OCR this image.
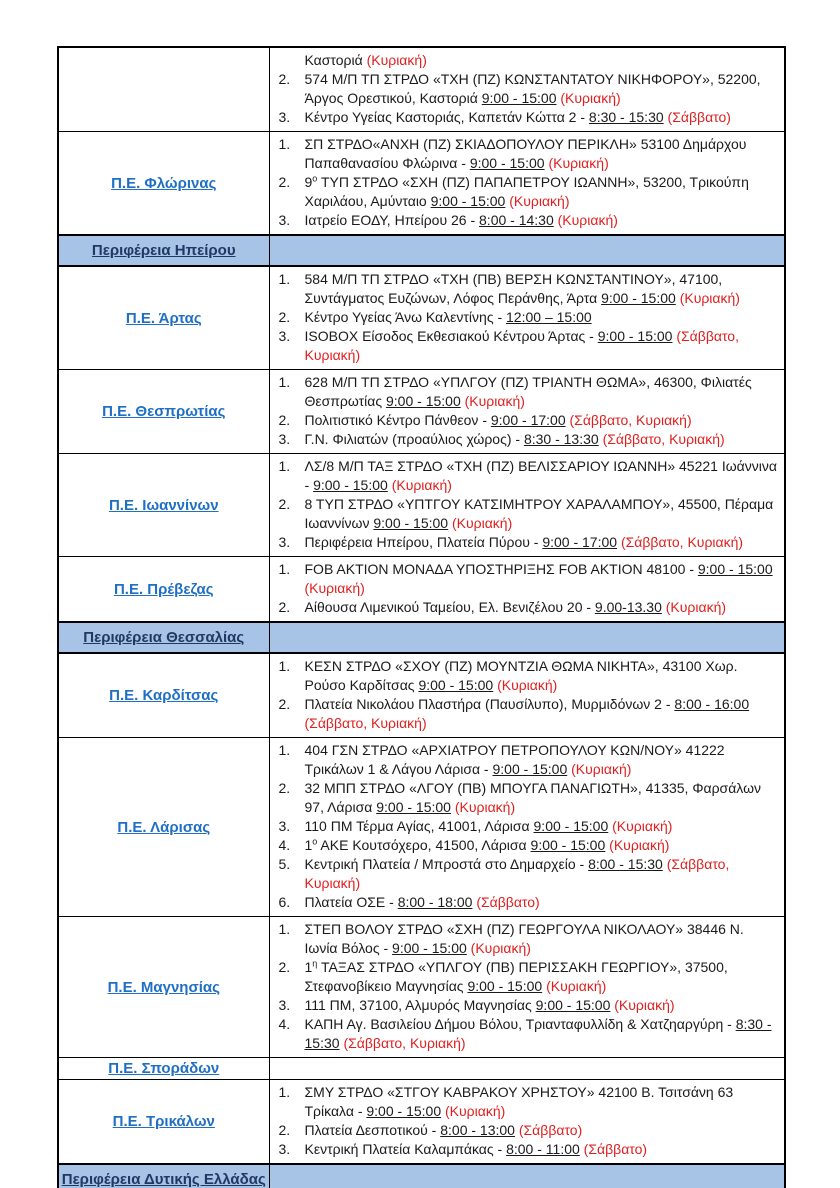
	Καστοριά (Κυριακή)
2. 574 Μ/Π ΤΠ ΣΤΡΔΟ «ΤΧΗ (ΠΖ) ΚΩΝΣΤΑΝΤΑΤΟΥ ΝΙΚΗΦΟΡΟΥ», 52200, Άργος Ορεστικού, Καστοριά 9:00 - 15:00 (Κυριακή)
3. Κέντρο Υγείας Καστοριάς, Καπετάν Κώττα 2 - 8:30 - 15:30 (Σάββατο)

Π.Ε. Φλώρινας	
1.	ΣΠ ΣΤΡΔΟ«ΑΝΧΗ (ΠΖ) ΣΚΙΑΔΟΠΟΥΛΟΥ ΠΕΡΙΚΛΗ» 53100 Δημάρχου Παπαθανασίου Φλώρινα - 9:00 - 15:00 (Κυριακή)
2.	$9^o$ ΤΥΠ ΣΤΡΔΟ «ΣΧΗ (ΠΖ) ΠΑΠΑΠΕΤΡΟΥ ΙΩΑΝΝΗ», 53200, Τρικούπη Χαριλάου, Αμύνταιο 9:00 - 15:00 (Κυριακή)
3.	Ιατρείο ΕΟΔΥ, Ηπείρου 26 - 8:00 - 14:30 (Κυριακή)

Περιφέρεια Ηπείρου	
Π.Ε. Άρτας	
1.	584 Μ/Π ΤΠ ΣΤΡΔΟ «ΤΧΗ (ΠΒ) ΒΕΡΣΗ ΚΩΝΣΤΑΝΤΙΝΟΥ», 47100, Συντάγματος Ευζώνων, Λόφος Περάνθης, Άρτα 9:00 - 15:00 (Κυριακή)
2.	Κέντρο Υγείας Άνω Καλεντίνης - 12:00 – 15:00
3.	ISOBOX Είσοδος Εκθεσιακού Κέντρου Άρτας - 9:00 - 15:00 (Σάββατο, Κυριακή)

Π.Ε. Θεσπρωτίας	
1.	628 Μ/Π ΤΠ ΣΤΡΔΟ «ΥΠΛΓΟΥ (ΠΖ) ΤΡΙΑΝΤΗ ΘΩΜΑ», 46300, Φιλιατές Θεσπρωτίας 9:00 - 15:00 (Κυριακή)
2.	Πολιτιστικό Κέντρο Πάνθεον - 9:00 - 17:00 (Σάββατο, Κυριακή)
3.	Γ.Ν. Φιλιατών (προαύλιος χώρος) - 8:30 - 13:30 (Σάββατο, Κυριακή)

Π.Ε. Ιωαννίνων	
1.	ΛΣ/8 Μ/Π ΤΑΞ ΣΤΡΔΟ «ΤΧΗ (ΠΖ) ΒΕΛΙΣΣΑΡΙΟΥ ΙΩΑΝΝΗ» 45221 Ιωάννινα - 9:00 - 15:00 (Κυριακή)
2.	8 ΤΥΠ ΣΤΡΔΟ «ΥΠΤΓΟΥ ΚΑΤΣΙΜΗΤΡΟΥ ΧΑΡΑΛΑΜΠΟΥ», 45500, Πέραμα Ιωαννίνων 9:00 - 15:00 (Κυριακή)
3.	Περιφέρεια Ηπείρου, Πλατεία Πύρου - 9:00 - 17:00 (Σάββατο, Κυριακή)

Π.Ε. Πρέβεζας	1. FOB AKTION ΜΟΝΑΔΑ ΥΠΟΣΤΗΡΙΞΗΣ FOB AKTION 48100 - 9:00 - 15:00 (Κυριακή)
2. Αίθουσα Λιμενικού Ταμείου, Ελ. Βενιζέλου 20 - 9.00-13.30 (Κυριακή)

Περιφέρεια Θεσσαλίας	
Π.Ε. Καρδίτσας	1. ΚΕΣΝ ΣΤΡΔΟ «ΣΧΟΥ (ΠΖ) ΜΟΥΝΤΖΙΑ ΘΩΜΑ ΝΙΚΗΤΑ», 43100 Χωρ. Ρούσο Καρδίτσας 9:00 - 15:00 (Κυριακή)
2. Πλατεία Νικολάου Πλαστήρα (Παυσίλυπο), Μυρμιδόνων 2 - 8:00 - 16:00 (Σάββατο, Κυριακή)

Π.Ε. Λάρισας	
1.	404 ΓΣΝ ΣΤΡΔΟ «ΑΡΧΙΑΤΡΟΥ ΠΕΤΡΟΠΟΥΛΟΥ ΚΩΝ/ΝΟΥ» 41222 Τρικάλων 1 & Λάγου Λάρισα - 9:00 - 15:00 (Κυριακή)
2.	32 ΜΠΠ ΣΤΡΔΟ «ΛΓΟΥ (ΠΒ) ΜΠΟΥΓΑ ΠΑΝΑΓΙΩΤΗ», 41335, Φαρσάλων 97, Λάρισα 9:00 - 15:00 (Κυριακή)
3.	110 ΠΜ Τέρμα Αγίας, 41001, Λάρισα 9:00 - 15:00 (Κυριακή)
4.	$1^o$ ΑΚΕ Κουτσόχερο, 41500, Λάρισα 9:00 - 15:00 (Κυριακή)
5.	Κεντρική Πλατεία / Μπροστά στο Δημαρχείο - 8:00 - 15:30 (Σάββατο, Κυριακή)
6.	Πλατεία ΟΣΕ - 8:00 - 18:00 (Σάββατο)

Π.Ε. Μαγνησίας	
1.	ΣΤΕΠ ΒΟΛΟΥ ΣΤΡΔΟ «ΣΧΗ (ΠΖ) ΓΕΩΡΓΟΥΛΑ ΝΙΚΟΛΑΟΥ» 38446 Ν. Ιωνία Βόλος - 9:00 - 15:00 (Κυριακή)
2.	$1^\eta$ ΤΑΞΑΣ ΣΤΡΔΟ «ΥΠΛΓΟΥ (ΠΒ) ΠΕΡΙΣΣΑΚΗ ΓΕΩΡΓΙΟΥ», 37500, Στεφανοβίκειο Μαγνησίας 9:00 - 15:00 (Κυριακή)
3.	111 ΠΜ, 37100, Αλμυρός Μαγνησίας 9:00 - 15:00 (Κυριακή)
4.	ΚΑΠΗ Αγ. Βασιλείου Δήμου Βόλου, Τριανταφυλλίδη & Χατζηαργύρη - 8:30 - 15:30 (Σάββατο, Κυριακή)

Π.Ε. Σποράδων	
Π.Ε. Τρικάλων	
1.	ΣΜΥ ΣΤΡΔΟ «ΣΤΓΟΥ ΚΑΒΡΑΚΟΥ ΧΡΗΣΤΟΥ» 42100 Β. Τσιτσάνη 63 Τρίκαλα - 9:00 - 15:00 (Κυριακή)
2.	Πλατεία Δεσποτικού - 8:00 - 13:00 (Σάββατο)
3.	Κεντρική Πλατεία Καλαμπάκας - 8:00 - 11:00 (Σάββατο)

Περιφέρεια Δυτικής Ελλάδας	
